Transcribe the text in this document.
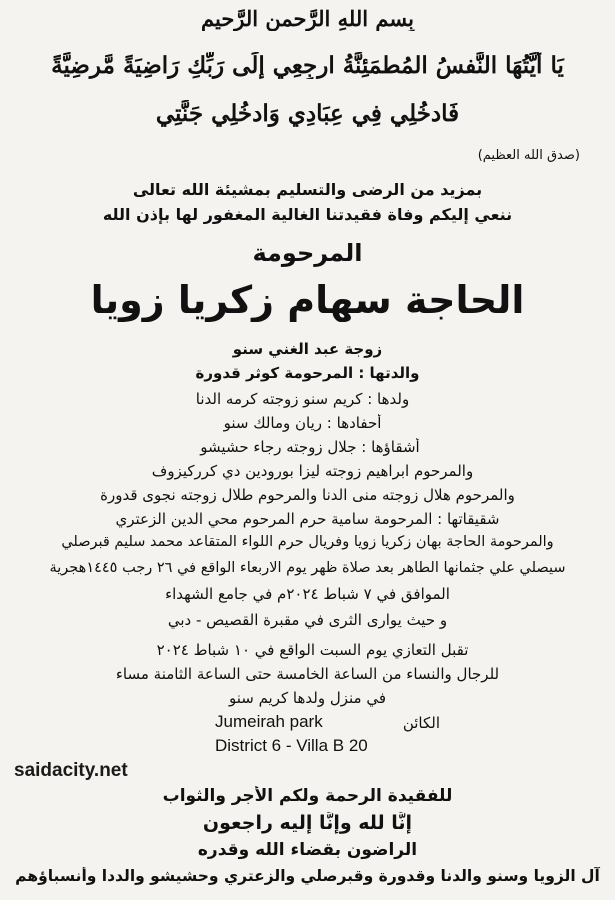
بِسمِ اللهِ الرَّحمنِ الرَّحيم
يَا أَيَّتُهَا النَّفسُ المُطمَئِنَّةُ ارجِعِي إِلَى رَبِّكِ رَاضِيَةً مَّرضِيَّةً
فَادخُلِي فِي عِبَادِي وَادخُلِي جَنَّتِي
(صدق الله العظيم)
بمزيد من الرضى والتسليم بمشيئة الله تعالى
ننعي إليكم وفاة فقيدتنا الغالية المغفور لها بإذن الله
المرحومة
الحاجة سهام زكريا زويا
زوجة عبد الغني سنو
والدتها : المرحومة كوثر قدورة
ولدها : كريم سنو زوجته كرمه الدنا
أحفادها : ريان ومالك سنو
أشقاؤها : جلال زوجته رجاء حشيشو
والمرحوم ابراهيم زوجته ليزا بورودين دي كرركيزوف
والمرحوم هلال زوجته منى الدنا والمرحوم طلال زوجته نجوى قدورة
شقيقاتها : المرحومة سامية حرم المرحوم محي الدين الزعتري
والمرحومة الحاجة بهان زكريا زويا وفريال حرم اللواء المتقاعد محمد سليم قبرصلي
سيصلي علي جثمانها الطاهر بعد صلاة ظهر يوم الاربعاء الواقع في ٢٦ رجب ١٤٤٥هجرية
الموافق في ٧ شباط ٢٠٢٤م في جامع الشهداء
و حيث يوارى الثرى في مقبرة القصيص - دبي
تقبل التعازي يوم السبت الواقع في ١٠ شباط ٢٠٢٤
للرجال والنساء من الساعة الخامسة حتى الساعة الثامنة مساء
في منزل ولدها كريم سنو
الكائن
Jumeirah park
District 6 - Villa B 20
saidacity.net
للفقيدة الرحمة ولكم الأجر والثواب
إنَّا لله وإنَّا إليه راجعون
الراضون بقضاء الله وقدره
آل الزويا وسنو والدنا وقدورة وقبرصلي والزعتري وحشيشو والددا وأنسباؤهم
